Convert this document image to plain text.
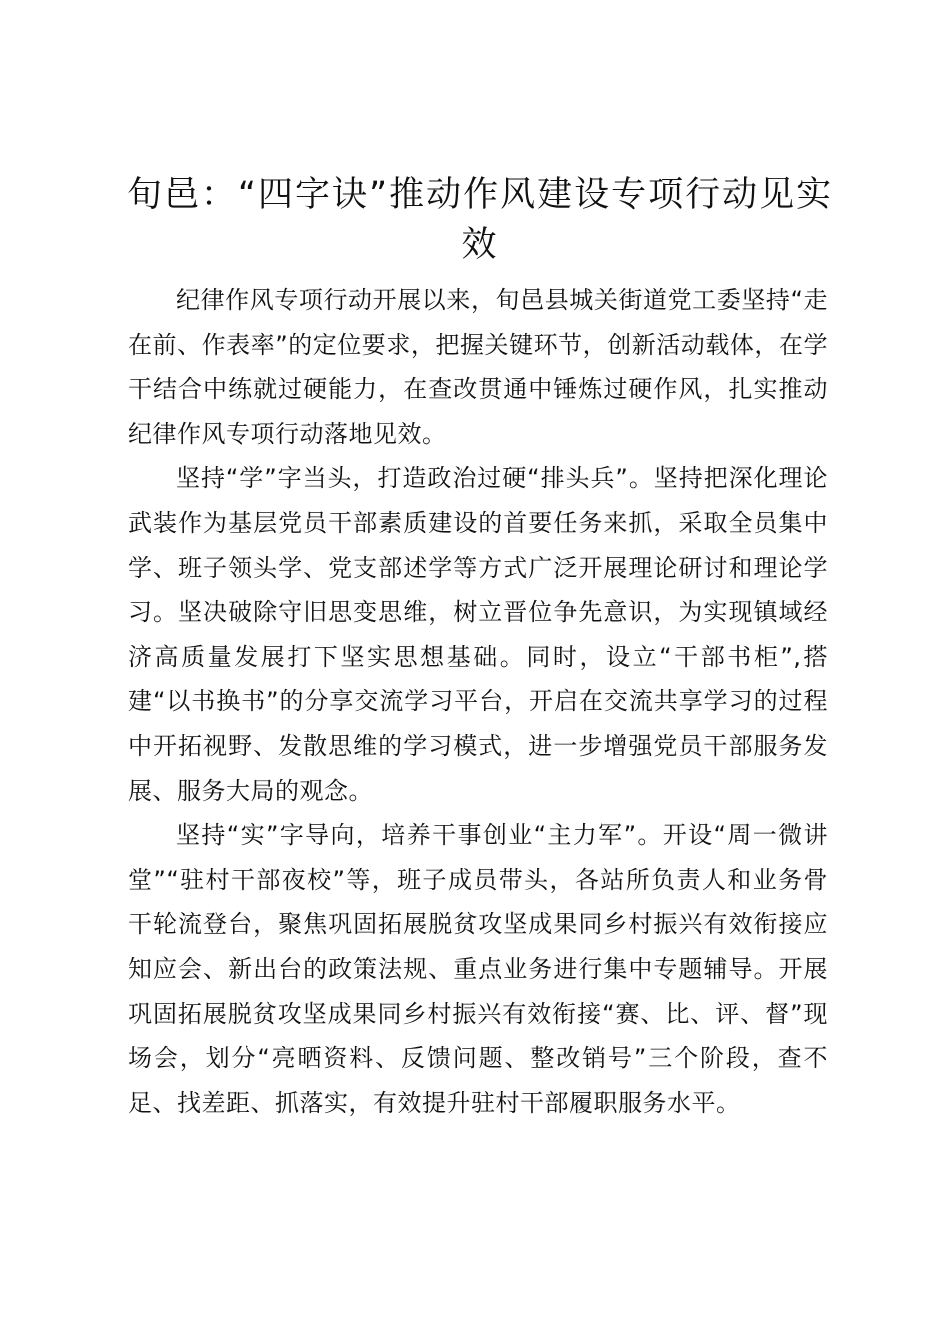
旬邑：“四字诀”推动作风建设专项行动见实效

纪律作风专项行动开展以来，旬邑县城关街道党工委坚持“走在前、作表率”的定位要求，把握关键环节，创新活动载体，在学干结合中练就过硬能力，在查改贯通中锤炼过硬作风，扎实推动纪律作风专项行动落地见效。

坚持“学”字当头，打造政治过硬“排头兵”。坚持把深化理论武装作为基层党员干部素质建设的首要任务来抓，采取全员集中学、班子领头学、党支部述学等方式广泛开展理论研讨和理论学习。坚决破除守旧思变思维，树立晋位争先意识，为实现镇域经济高质量发展打下坚实思想基础。同时，设立“干部书柜”,搭建“以书换书”的分享交流学习平台，开启在交流共享学习的过程中开拓视野、发散思维的学习模式，进一步增强党员干部服务发展、服务大局的观念。

坚持“实”字导向，培养干事创业“主力军”。开设“周一微讲堂”“驻村干部夜校”等，班子成员带头，各站所负责人和业务骨干轮流登台，聚焦巩固拓展脱贫攻坚成果同乡村振兴有效衔接应知应会、新出台的政策法规、重点业务进行集中专题辅导。开展巩固拓展脱贫攻坚成果同乡村振兴有效衔接“赛、比、评、督”现场会，划分“亮晒资料、反馈问题、整改销号”三个阶段，查不足、找差距、抓落实，有效提升驻村干部履职服务水平。
